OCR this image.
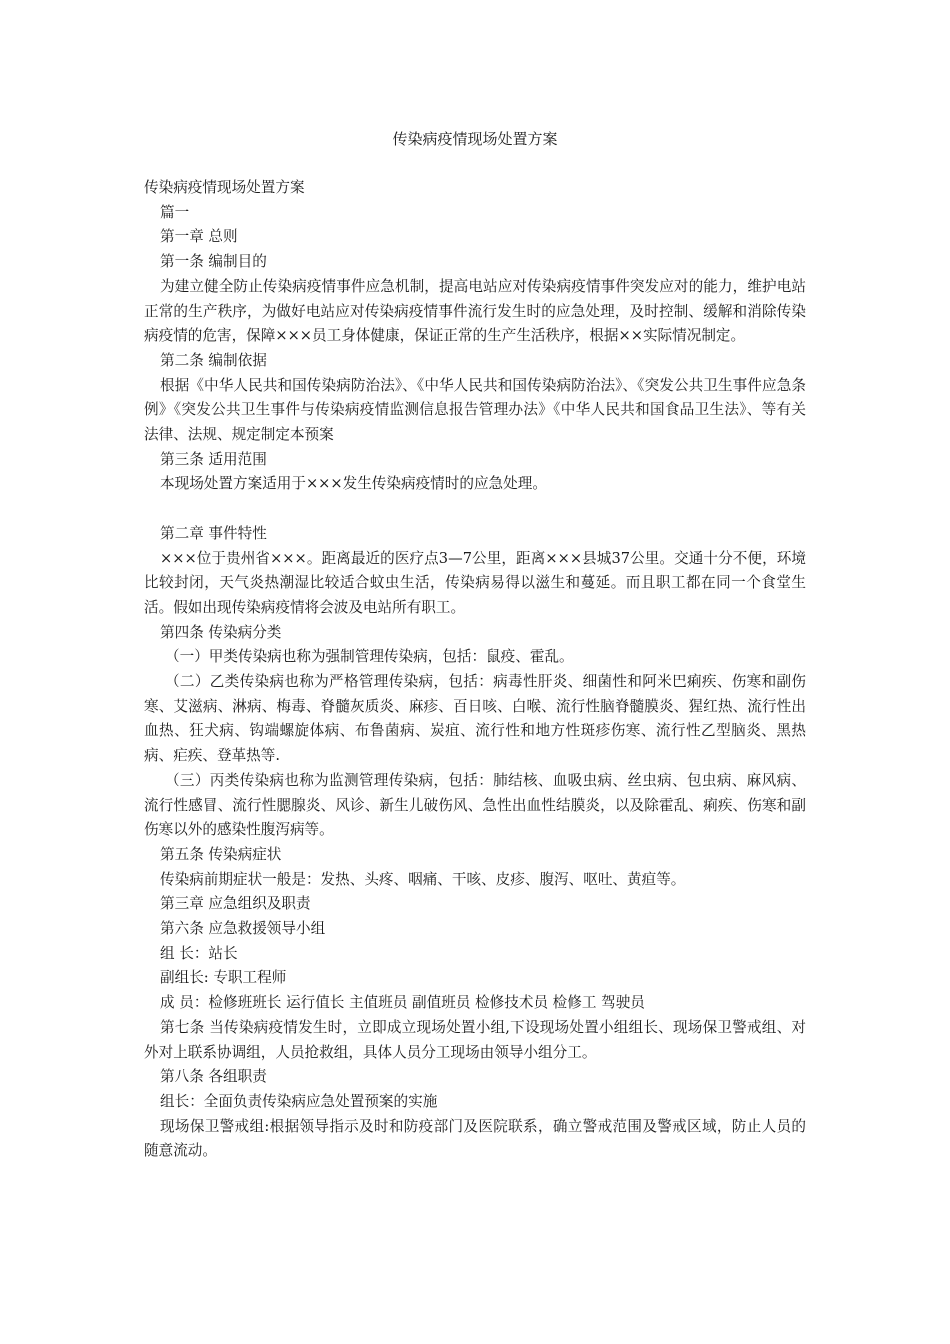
传染病疫情现场处置方案

传染病疫情现场处置方案

篇一

第一章 总则

第一条 编制目的

为建立健全防止传染病疫情事件应急机制，提高电站应对传染病疫情事件突发应对的能力，维护电站正常的生产秩序，为做好电站应对传染病疫情事件流行发生时的应急处理，及时控制、缓解和消除传染病疫情的危害，保障×××员工身体健康，保证正常的生产生活秩序，根据××实际情况制定。

第二条 编制依据

根据《中华人民共和国传染病防治法》、《中华人民共和国传染病防治法》、《突发公共卫生事件应急条例》《突发公共卫生事件与传染病疫情监测信息报告管理办法》《中华人民共和国食品卫生法》、等有关法律、法规、规定制定本预案

第三条 适用范围

本现场处置方案适用于×××发生传染病疫情时的应急处理。

第二章 事件特性

×××位于贵州省×××。距离最近的医疗点3—7公里，距离×××县城37公里。交通十分不便，环境比较封闭，天气炎热潮湿比较适合蚊虫生活，传染病易得以滋生和蔓延。而且职工都在同一个食堂生活。假如出现传染病疫情将会波及电站所有职工。

第四条 传染病分类

（一）甲类传染病也称为强制管理传染病，包括：鼠疫、霍乱。

（二）乙类传染病也称为严格管理传染病，包括：病毒性肝炎、细菌性和阿米巴痢疾、伤寒和副伤寒、艾滋病、淋病、梅毒、脊髓灰质炎、麻疹、百日咳、白喉、流行性脑脊髓膜炎、猩红热、流行性出血热、狂犬病、钩端螺旋体病、布鲁菌病、炭疽、流行性和地方性斑疹伤寒、流行性乙型脑炎、黑热病、疟疾、登革热等.

（三）丙类传染病也称为监测管理传染病，包括：肺结核、血吸虫病、丝虫病、包虫病、麻风病、流行性感冒、流行性腮腺炎、风诊、新生儿破伤风、急性出血性结膜炎，以及除霍乱、痢疾、伤寒和副伤寒以外的感染性腹泻病等。

第五条 传染病症状

传染病前期症状一般是：发热、头疼、咽痛、干咳、皮疹、腹泻、呕吐、黄疸等。

第三章 应急组织及职责

第六条 应急救援领导小组

组 长：站长

副组长: 专职工程师

成 员：检修班班长 运行值长 主值班员 副值班员 检修技术员 检修工 驾驶员

第七条 当传染病疫情发生时，立即成立现场处置小组,下设现场处置小组组长、现场保卫警戒组、对外对上联系协调组，人员抢救组，具体人员分工现场由领导小组分工。

第八条 各组职责

组长：全面负责传染病应急处置预案的实施

现场保卫警戒组:根据领导指示及时和防疫部门及医院联系，确立警戒范围及警戒区域，防止人员的随意流动。
